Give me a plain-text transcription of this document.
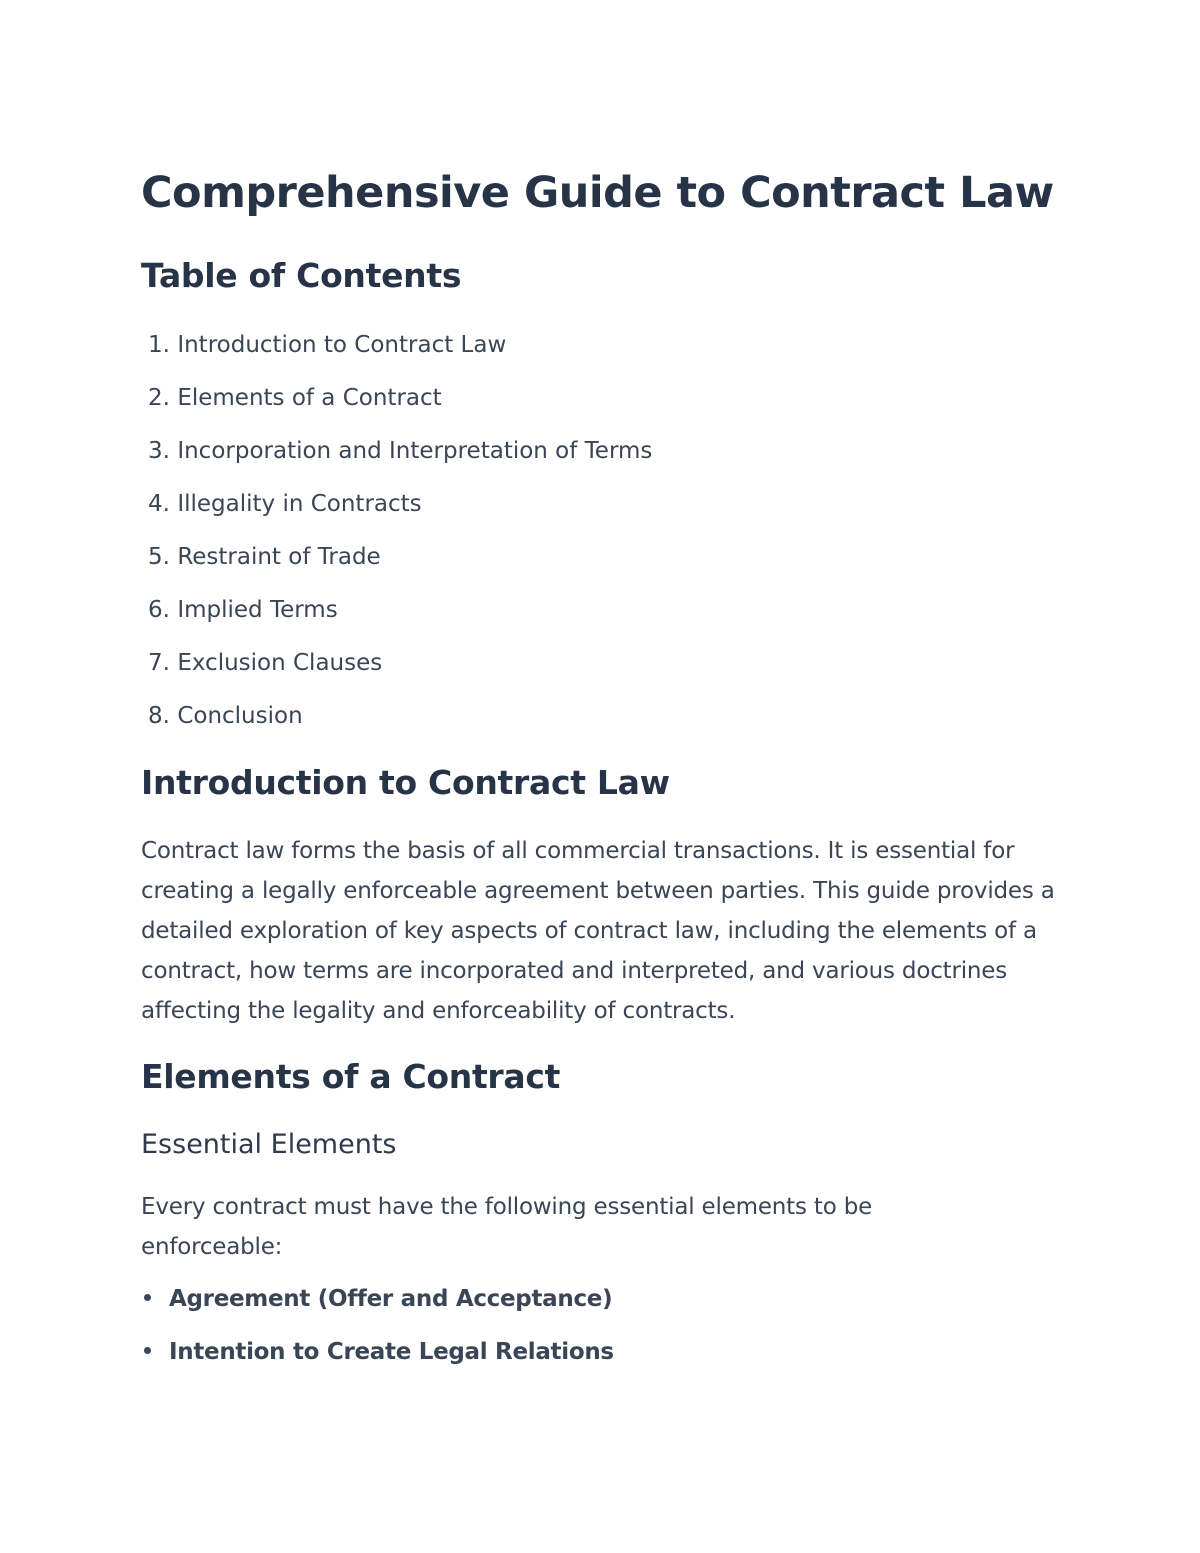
Comprehensive Guide to Contract Law
Table of Contents
1. Introduction to Contract Law
2. Elements of a Contract
3. Incorporation and Interpretation of Terms
4. Illegality in Contracts
5. Restraint of Trade
6. Implied Terms
7. Exclusion Clauses
8. Conclusion
Introduction to Contract Law

Contract law forms the basis of all commercial transactions. It is essential for creating a legally enforceable agreement between parties. This guide provides a detailed exploration of key aspects of contract law, including the elements of a contract, how terms are incorporated and interpreted, and various doctrines affecting the legality and enforceability of contracts.

Elements of a Contract
Essential Elements

Every contract must have the following essential elements to be enforceable:

Agreement (Offer and Acceptance)
Intention to Create Legal Relations
